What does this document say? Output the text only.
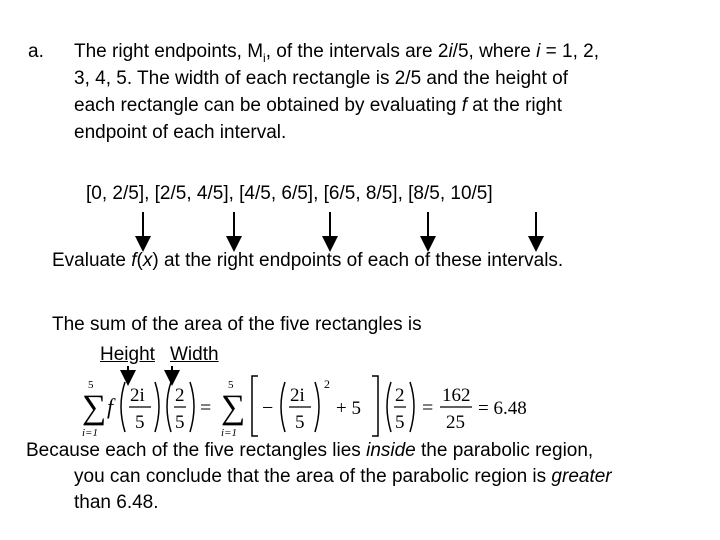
a. The right endpoints, $M_i$, of the intervals are 2i/5, where i = 1, 2,
3, 4, 5. The width of each rectangle is 2/5 and the height of
each rectangle can be obtained by evaluating f at the right
endpoint of each interval.
[0, 2/5], [2/5, 4/5], [4/5, 6/5], [6/5, 8/5], [8/5, 10/5]
Evaluate f(x) at the right endpoints of each of these intervals.
The sum of the area of the five rectangles is
Height Width
5
∑
i=1
f 2i
5
2
5
=
5
∑
i=1
−
2i
5
2
+ 5
2
5
=
162
25
= 6.48
Because each of the five rectangles lies inside the parabolic region,
you can conclude that the area of the parabolic region is greater
than 6.48.
